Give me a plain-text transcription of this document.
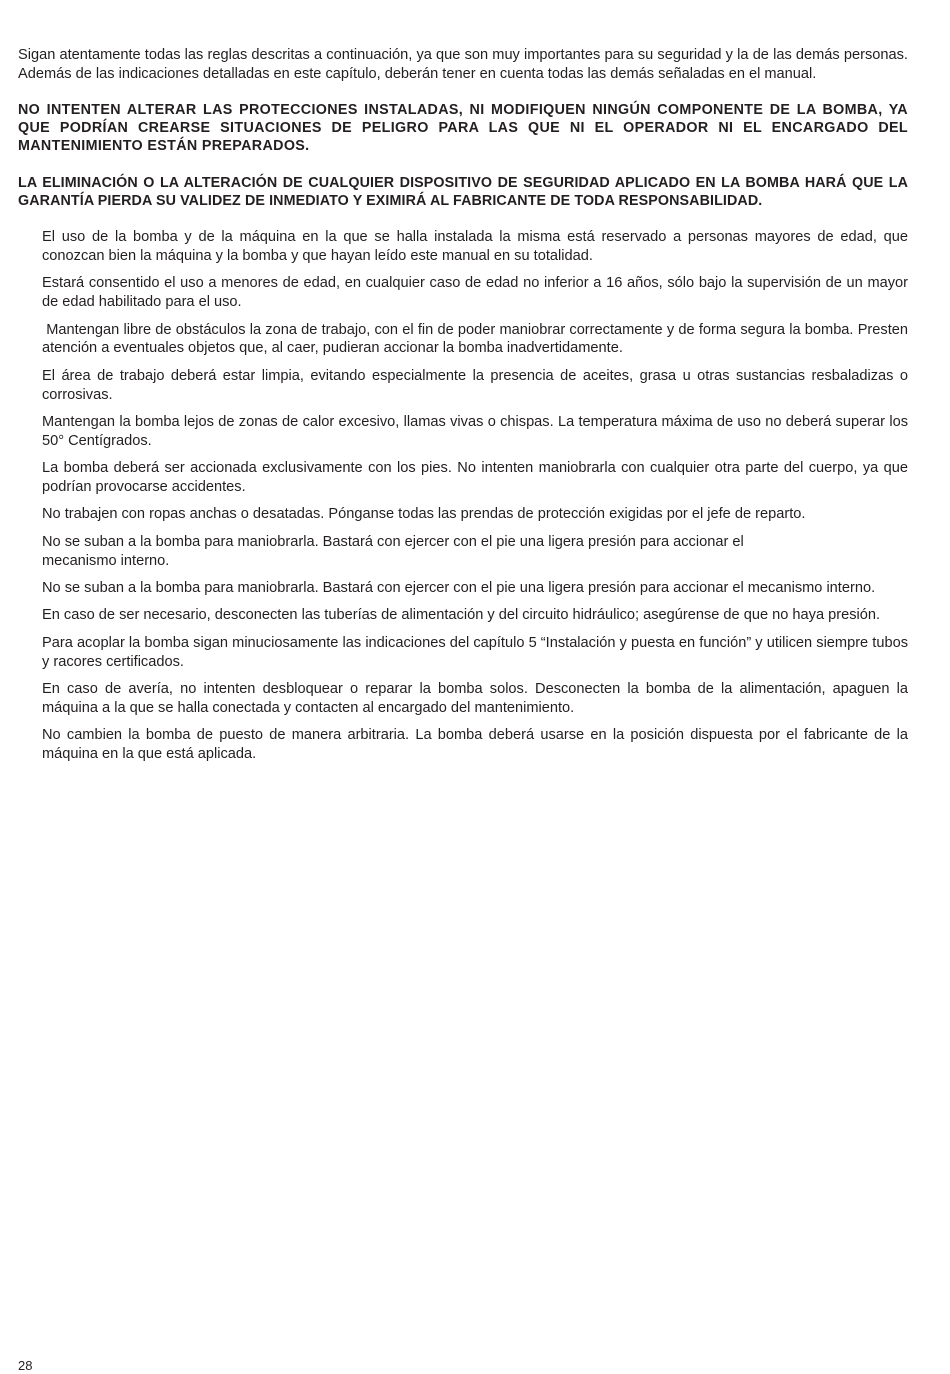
Sigan atentamente todas las reglas descritas a continuación, ya que son muy importantes para su seguridad y la de las demás personas. Además de las indicaciones detalladas en este capítulo, deberán tener en cuenta todas las demás señaladas en el manual.

NO INTENTEN ALTERAR LAS PROTECCIONES INSTALADAS, NI MODIFIQUEN NINGÚN COMPONENTE DE LA BOMBA, YA QUE PODRÍAN CREARSE SITUACIONES DE PELIGRO PARA LAS QUE NI EL OPERADOR NI EL ENCARGADO DEL MANTENIMIENTO ESTÁN PREPARADOS.

LA ELIMINACIÓN O LA ALTERACIÓN DE CUALQUIER DISPOSITIVO DE SEGURIDAD APLICADO EN LA BOMBA HARÁ QUE LA GARANTÍA PIERDA SU VALIDEZ DE INMEDIATO Y EXIMIRÁ AL FABRICANTE DE TODA RESPONSABILIDAD.

El uso de la bomba y de la máquina en la que se halla instalada la misma está reservado a personas mayores de edad, que conozcan bien la máquina y la bomba y que hayan leído este manual en su totalidad.
Estará consentido el uso a menores de edad, en cualquier caso de edad no inferior a 16 años, sólo bajo la supervisión de un mayor de edad habilitado para el uso.
Mantengan libre de obstáculos la zona de trabajo, con el fin de poder maniobrar correctamente y de forma segura la bomba. Presten atención a eventuales objetos que, al caer, pudieran accionar la bomba inadvertidamente.
El área de trabajo deberá estar limpia, evitando especialmente la presencia de aceites, grasa u otras sustancias resbaladizas o corrosivas.
Mantengan la bomba lejos de zonas de calor excesivo, llamas vivas o chispas. La temperatura máxima de uso no deberá superar los 50° Centígrados.
La bomba deberá ser accionada exclusivamente con los pies. No intenten maniobrarla con cualquier otra parte del cuerpo, ya que podrían provocarse accidentes.
No trabajen con ropas anchas o desatadas. Pónganse todas las prendas de protección exigidas por el jefe de reparto.
No se suban a la bomba para maniobrarla. Bastará con ejercer con el pie una ligera presión para accionar el
mecanismo interno.
No se suban a la bomba para maniobrarla. Bastará con ejercer con el pie una ligera presión para accionar el mecanismo interno.
En caso de ser necesario, desconecten las tuberías de alimentación y del circuito hidráulico; asegúrense de que no haya presión.
Para acoplar la bomba sigan minuciosamente las indicaciones del capítulo 5 “Instalación y puesta en función” y utilicen siempre tubos y racores certificados.
En caso de avería, no intenten desbloquear o reparar la bomba solos. Desconecten la bomba de la alimentación, apaguen la máquina a la que se halla conectada y contacten al encargado del mantenimiento.
No cambien la bomba de puesto de manera arbitraria. La bomba deberá usarse en la posición dispuesta por el fabricante de la máquina en la que está aplicada.
28
